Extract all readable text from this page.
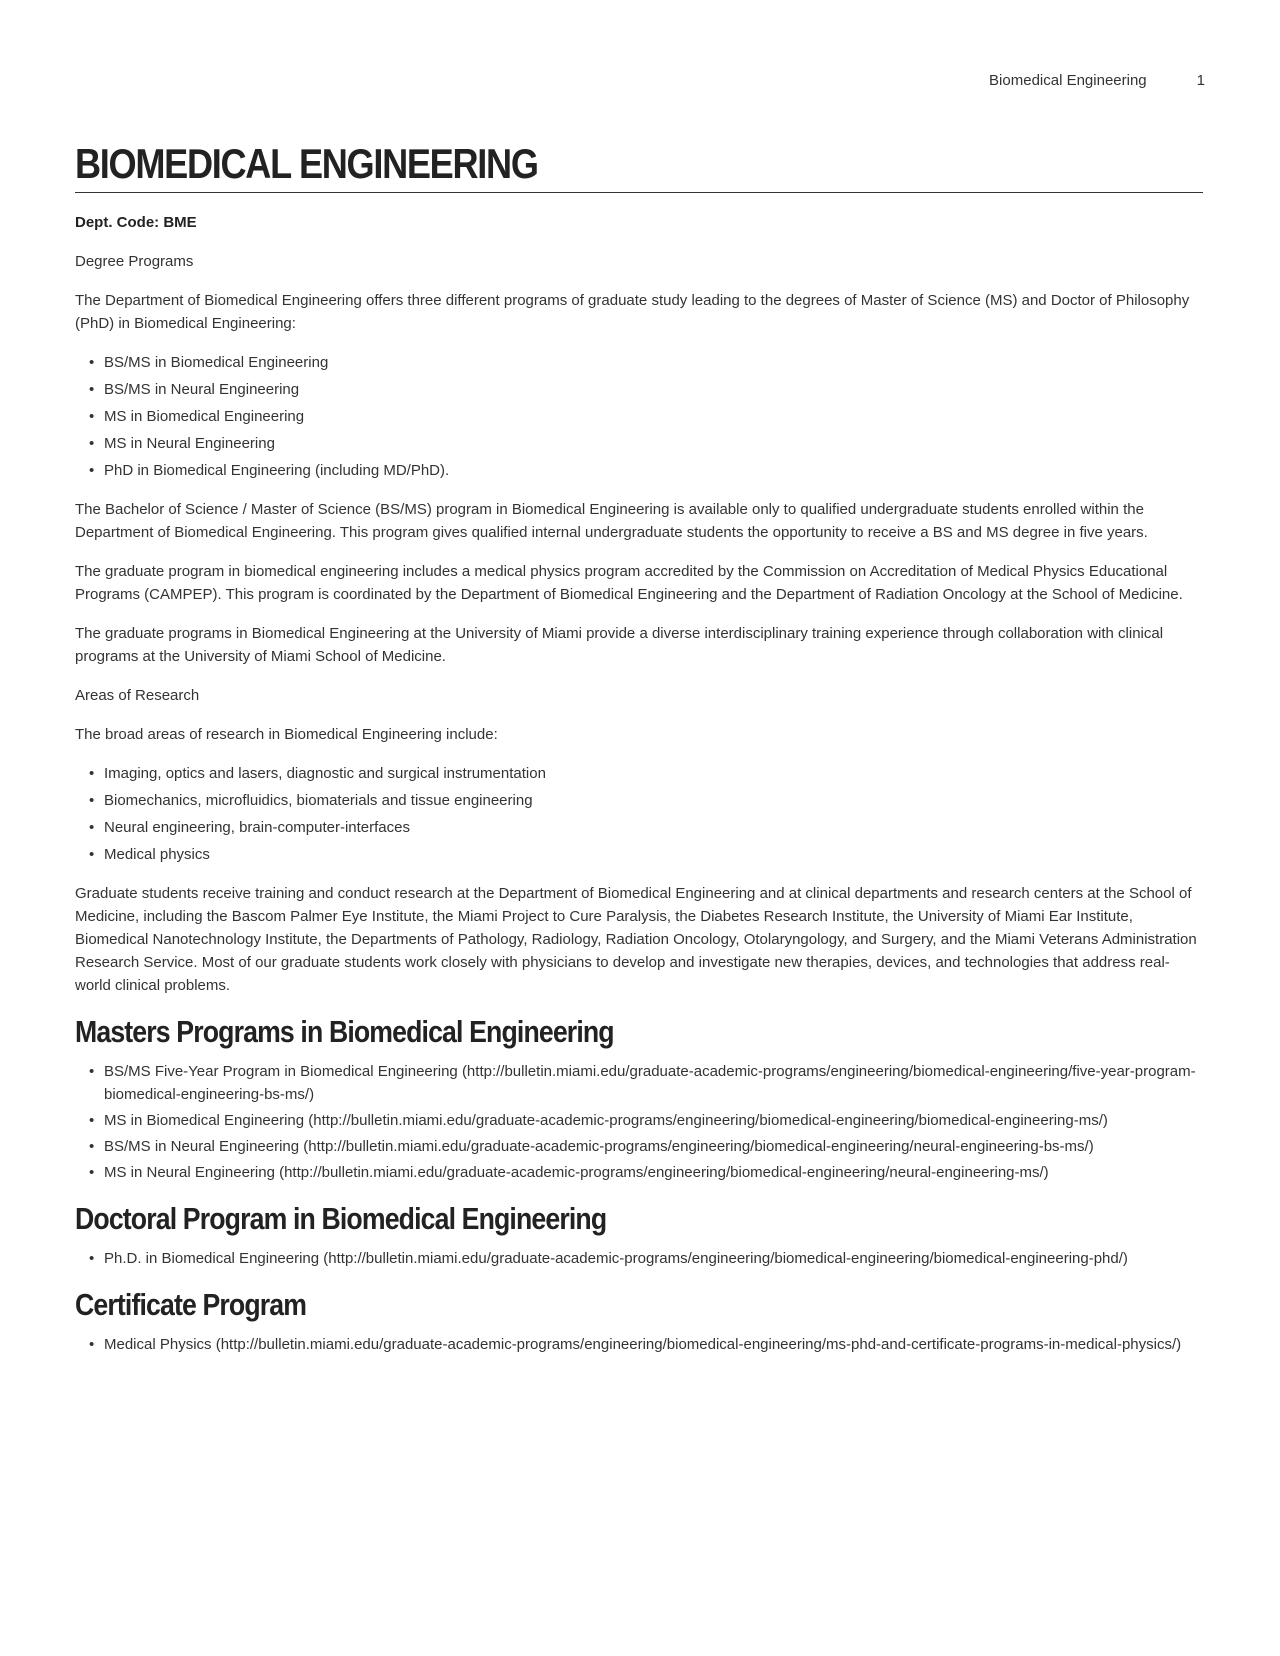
Biomedical Engineering	1
BIOMEDICAL ENGINEERING

Dept. Code: BME

Degree Programs

The Department of Biomedical Engineering offers three different programs of graduate study leading to the degrees of Master of Science (MS) and Doctor of Philosophy (PhD) in Biomedical Engineering:

• BS/MS in Biomedical Engineering
• BS/MS in Neural Engineering
• MS in Biomedical Engineering
• MS in Neural Engineering
• PhD in Biomedical Engineering (including MD/PhD).

The Bachelor of Science / Master of Science (BS/MS) program in Biomedical Engineering is available only to qualified undergraduate students enrolled within the Department of Biomedical Engineering. This program gives qualified internal undergraduate students the opportunity to receive a BS and MS degree in five years.

The graduate program in biomedical engineering includes a medical physics program accredited by the Commission on Accreditation of Medical Physics Educational Programs (CAMPEP). This program is coordinated by the Department of Biomedical Engineering and the Department of Radiation Oncology at the School of Medicine.

The graduate programs in Biomedical Engineering at the University of Miami provide a diverse interdisciplinary training experience through collaboration with clinical programs at the University of Miami School of Medicine.

Areas of Research

The broad areas of research in Biomedical Engineering include:

• Imaging, optics and lasers, diagnostic and surgical instrumentation
• Biomechanics, microfluidics, biomaterials and tissue engineering
• Neural engineering, brain-computer-interfaces
• Medical physics

Graduate students receive training and conduct research at the Department of Biomedical Engineering and at clinical departments and research centers at the School of Medicine, including the Bascom Palmer Eye Institute, the Miami Project to Cure Paralysis, the Diabetes Research Institute, the University of Miami Ear Institute, Biomedical Nanotechnology Institute, the Departments of Pathology, Radiology, Radiation Oncology, Otolaryngology, and Surgery, and the Miami Veterans Administration Research Service. Most of our graduate students work closely with physicians to develop and investigate new therapies, devices, and technologies that address real-world clinical problems.

Masters Programs in Biomedical Engineering
• BS/MS Five-Year Program in Biomedical Engineering (http://bulletin.miami.edu/graduate-academic-programs/engineering/biomedical-engineering/five-year-program-biomedical-engineering-bs-ms/)
• MS in Biomedical Engineering (http://bulletin.miami.edu/graduate-academic-programs/engineering/biomedical-engineering/biomedical-engineering-ms/)
• BS/MS in Neural Engineering (http://bulletin.miami.edu/graduate-academic-programs/engineering/biomedical-engineering/neural-engineering-bs-ms/)
• MS in Neural Engineering (http://bulletin.miami.edu/graduate-academic-programs/engineering/biomedical-engineering/neural-engineering-ms/)
Doctoral Program in Biomedical Engineering
• Ph.D. in Biomedical Engineering (http://bulletin.miami.edu/graduate-academic-programs/engineering/biomedical-engineering/biomedical-engineering-phd/)
Certificate Program
• Medical Physics (http://bulletin.miami.edu/graduate-academic-programs/engineering/biomedical-engineering/ms-phd-and-certificate-programs-in-medical-physics/)
